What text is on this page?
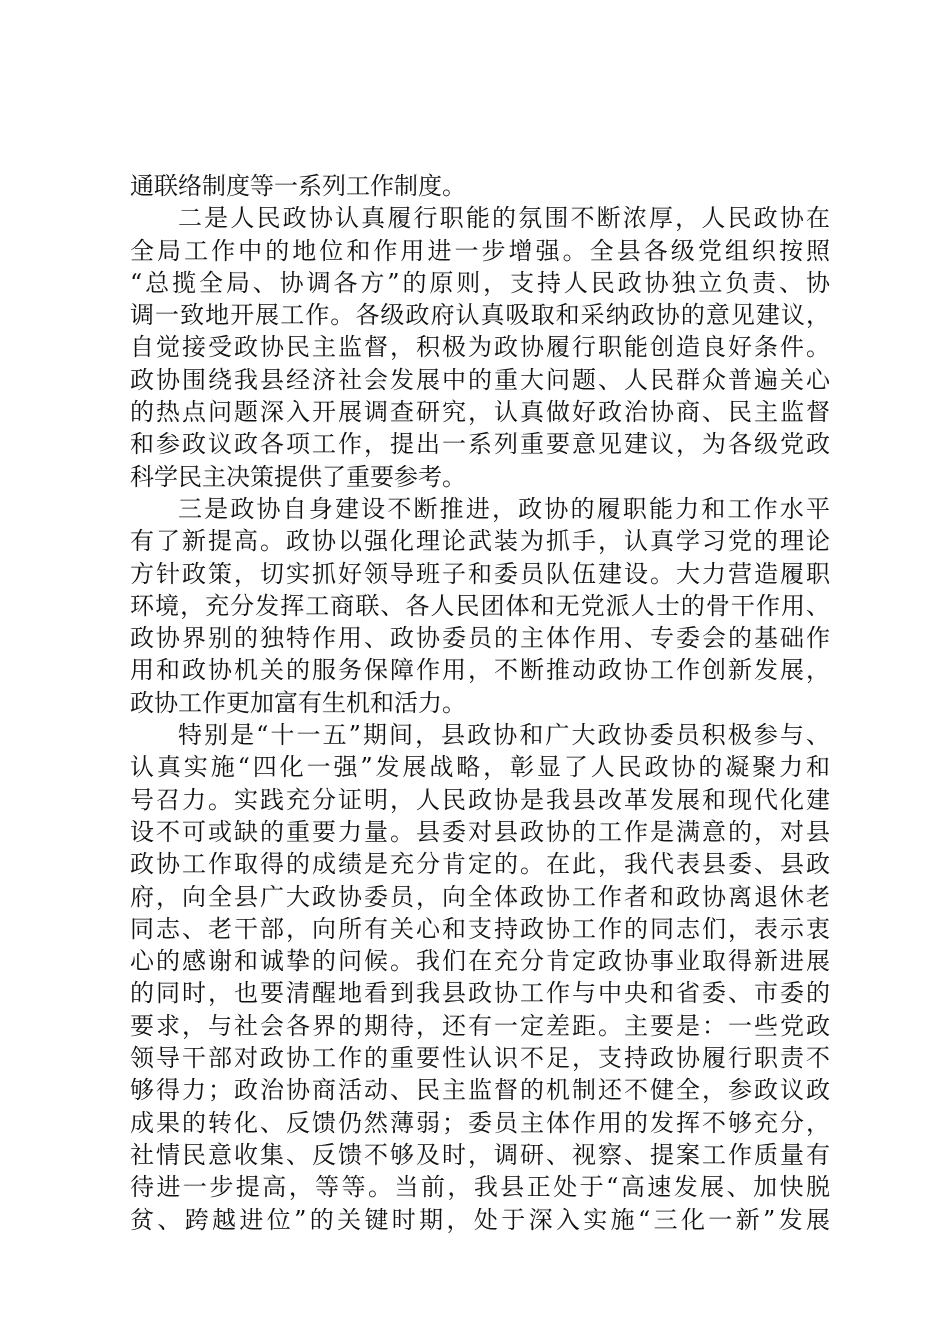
通联络制度等一系列工作制度。
二是人民政协认真履行职能的氛围不断浓厚，人民政协在
全局工作中的地位和作用进一步增强。全县各级党组织按照
“总揽全局、协调各方”的原则，支持人民政协独立负责、协
调一致地开展工作。各级政府认真吸取和采纳政协的意见建议，
自觉接受政协民主监督，积极为政协履行职能创造良好条件。
政协围绕我县经济社会发展中的重大问题、人民群众普遍关心
的热点问题深入开展调查研究，认真做好政治协商、民主监督
和参政议政各项工作，提出一系列重要意见建议，为各级党政
科学民主决策提供了重要参考。
三是政协自身建设不断推进，政协的履职能力和工作水平
有了新提高。政协以强化理论武装为抓手，认真学习党的理论
方针政策，切实抓好领导班子和委员队伍建设。大力营造履职
环境，充分发挥工商联、各人民团体和无党派人士的骨干作用、
政协界别的独特作用、政协委员的主体作用、专委会的基础作
用和政协机关的服务保障作用，不断推动政协工作创新发展，
政协工作更加富有生机和活力。
特别是“十一五”期间，县政协和广大政协委员积极参与、
认真实施“四化一强”发展战略，彰显了人民政协的凝聚力和
号召力。实践充分证明，人民政协是我县改革发展和现代化建
设不可或缺的重要力量。县委对县政协的工作是满意的，对县
政协工作取得的成绩是充分肯定的。在此，我代表县委、县政
府，向全县广大政协委员，向全体政协工作者和政协离退休老
同志、老干部，向所有关心和支持政协工作的同志们，表示衷
心的感谢和诚挚的问候。我们在充分肯定政协事业取得新进展
的同时，也要清醒地看到我县政协工作与中央和省委、市委的
要求，与社会各界的期待，还有一定差距。主要是：一些党政
领导干部对政协工作的重要性认识不足，支持政协履行职责不
够得力；政治协商活动、民主监督的机制还不健全，参政议政
成果的转化、反馈仍然薄弱；委员主体作用的发挥不够充分，
社情民意收集、反馈不够及时，调研、视察、提案工作质量有
待进一步提高，等等。当前，我县正处于“高速发展、加快脱
贫、跨越进位”的关键时期，处于深入实施“三化一新”发展
